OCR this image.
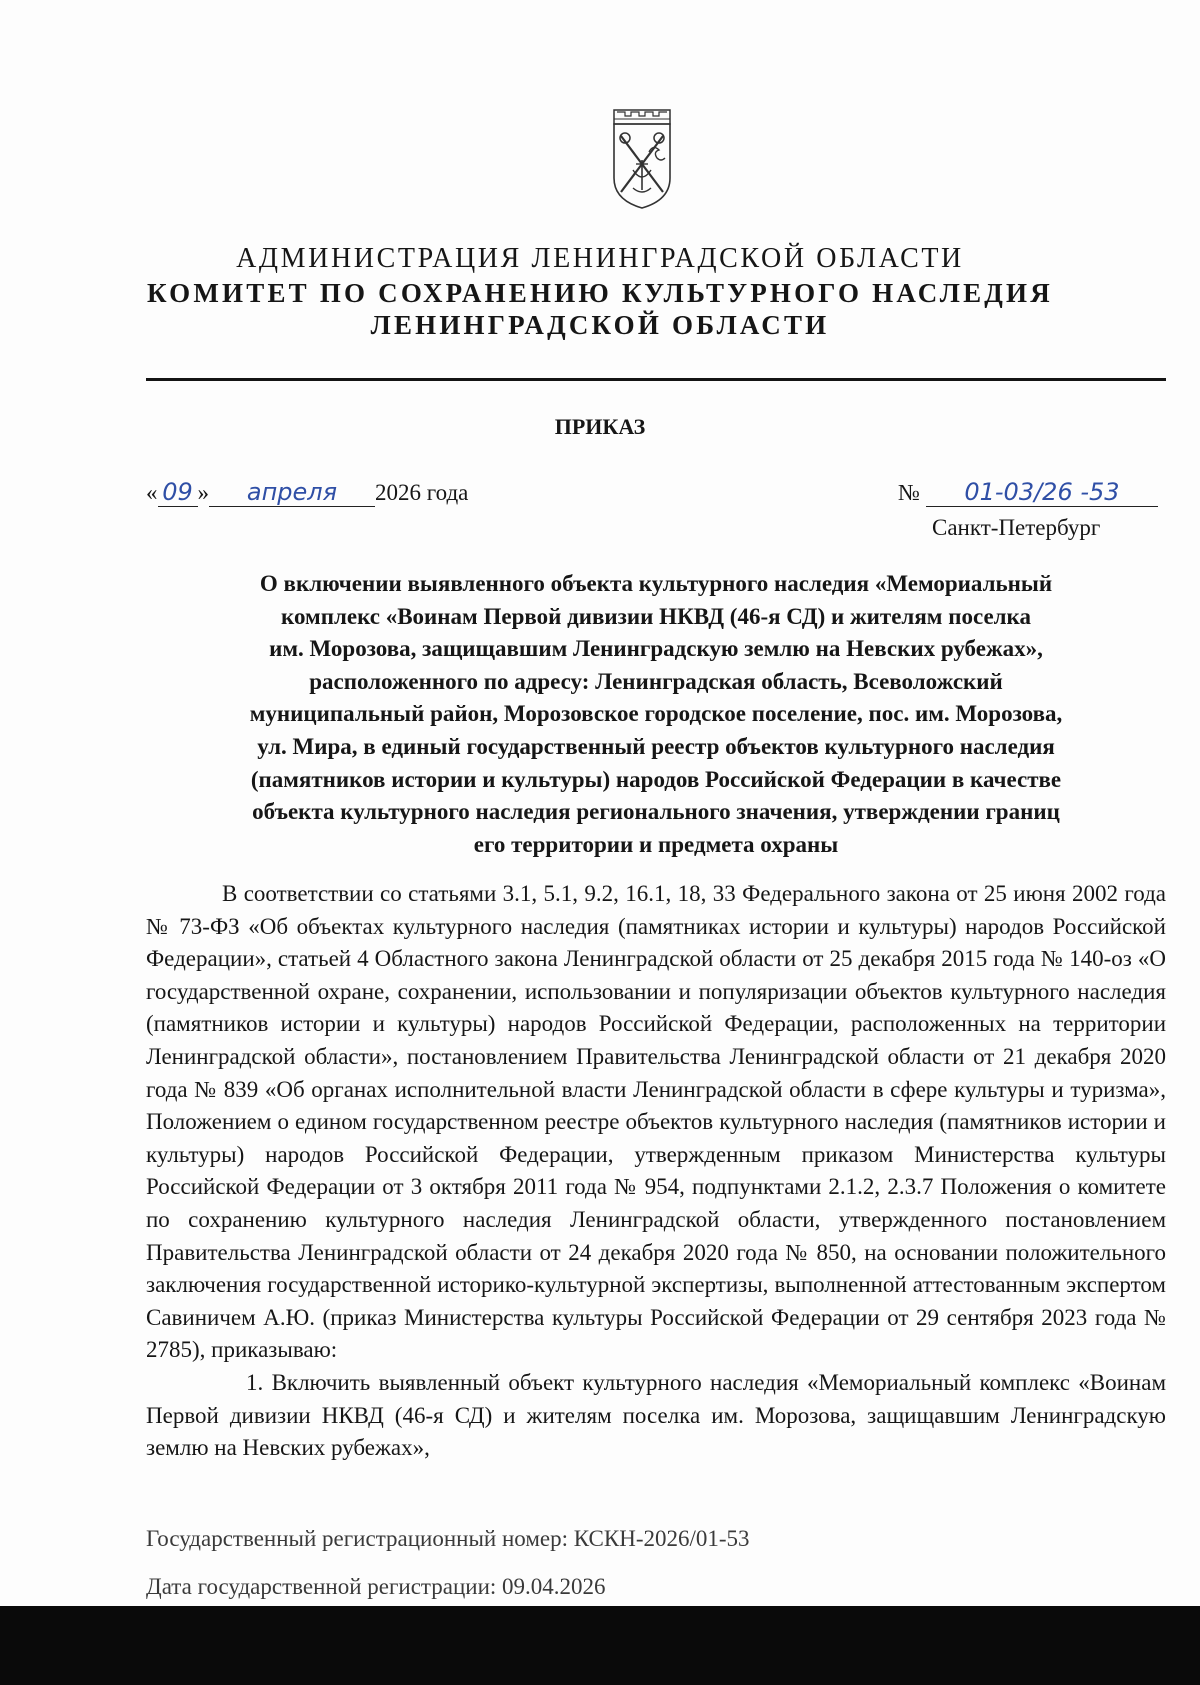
АДМИНИСТРАЦИЯ ЛЕНИНГРАДСКОЙ ОБЛАСТИ
КОМИТЕТ ПО СОХРАНЕНИЮ КУЛЬТУРНОГО НАСЛЕДИЯ
ЛЕНИНГРАДСКОЙ ОБЛАСТИ
ПРИКАЗ
« 09 » апреля 2026 года	№ 01-03/26 -53
Санкт-Петербург
О включении выявленного объекта культурного наследия «Мемориальный
комплекс «Воинам Первой дивизии НКВД (46-я СД) и жителям поселка
им. Морозова, защищавшим Ленинградскую землю на Невских рубежах»,
расположенного по адресу: Ленинградская область, Всеволожский
муниципальный район, Морозовское городское поселение, пос. им. Морозова,
ул. Мира, в единый государственный реестр объектов культурного наследия
(памятников истории и культуры) народов Российской Федерации в качестве
объекта культурного наследия регионального значения, утверждении границ
его территории и предмета охраны

В соответствии со статьями 3.1, 5.1, 9.2, 16.1, 18, 33 Федерального закона от 25 июня 2002 года № 73-ФЗ «Об объектах культурного наследия (памятниках истории и культуры) народов Российской Федерации», статьей 4 Областного закона Ленинградской области от 25 декабря 2015 года № 140-оз «О государственной охране, сохранении, использовании и популяризации объектов культурного наследия (памятников истории и культуры) народов Российской Федерации, расположенных на территории Ленинградской области», постановлением Правительства Ленинградской области от 21 декабря 2020 года № 839 «Об органах исполнительной власти Ленинградской области в сфере культуры и туризма», Положением о едином государственном реестре объектов культурного наследия (памятников истории и культуры) народов Российской Федерации, утвержденным приказом Министерства культуры Российской Федерации от 3 октября 2011 года № 954, подпунктами 2.1.2, 2.3.7 Положения о комитете по сохранению культурного наследия Ленинградской области, утвержденного постановлением Правительства Ленинградской области от 24 декабря 2020 года № 850, на основании положительного заключения государственной историко-культурной экспертизы, выполненной аттестованным экспертом Савиничем А.Ю. (приказ Министерства культуры Российской Федерации от 29 сентября 2023 года № 2785), приказываю:

1. Включить выявленный объект культурного наследия «Мемориальный комплекс «Воинам Первой дивизии НКВД (46-я СД) и жителям поселка им. Морозова, защищавшим Ленинградскую землю на Невских рубежах»,

Государственный регистрационный номер: КСКН-2026/01-53
Дата государственной регистрации: 09.04.2026
